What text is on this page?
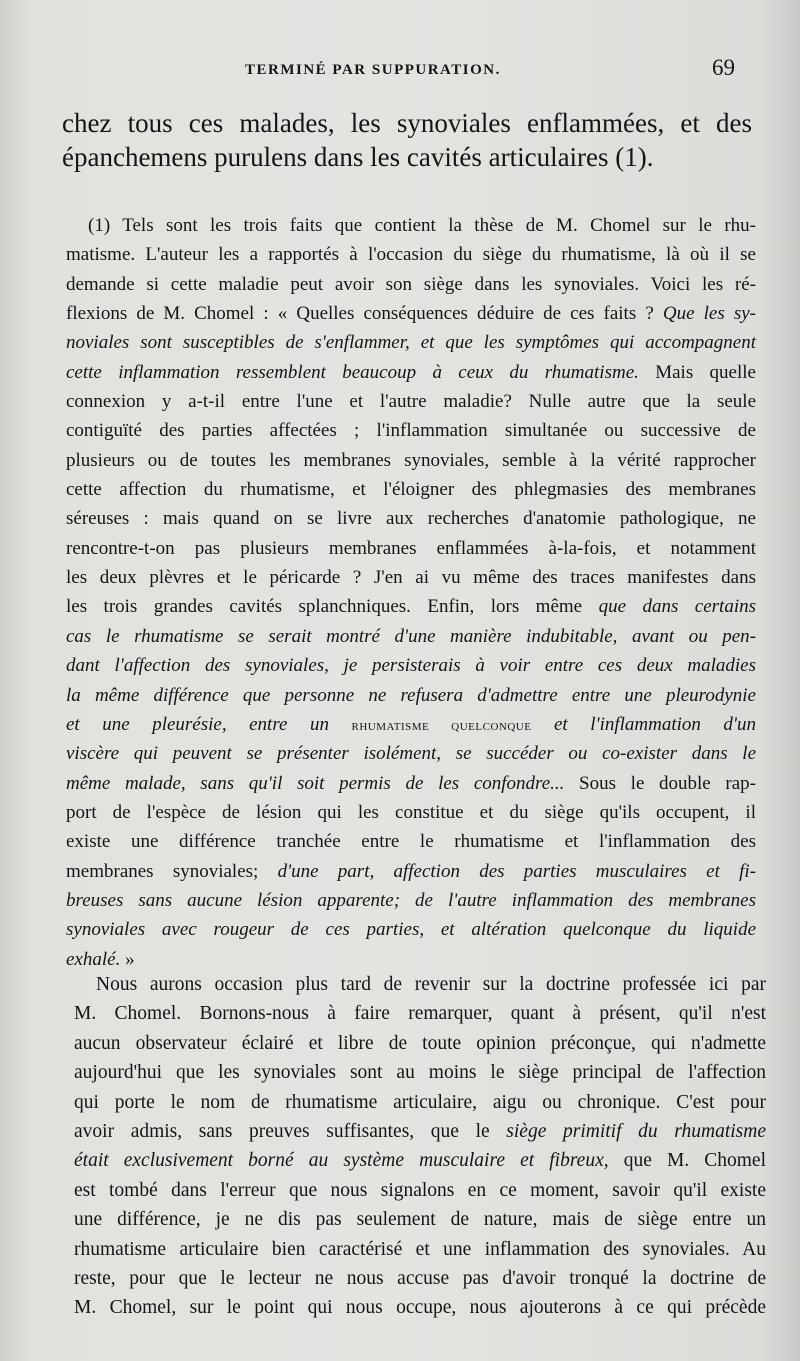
TERMINÉ PAR SUPPURATION.	69
chez tous ces malades, les synoviales enflammées, et des
épanchemens purulens dans les cavités articulaires (1).
(1) Tels sont les trois faits que contient la thèse de M. Chomel sur le rhu-
matisme. L'auteur les a rapportés à l'occasion du siège du rhumatisme, là où il se
demande si cette maladie peut avoir son siège dans les synoviales. Voici les ré-
flexions de M. Chomel : « Quelles conséquences déduire de ces faits ? Que les sy-
noviales sont susceptibles de s'enflammer, et que les symptômes qui accompagnent
cette inflammation ressemblent beaucoup à ceux du rhumatisme. Mais quelle
connexion y a-t-il entre l'une et l'autre maladie? Nulle autre que la seule
contiguïté des parties affectées ; l'inflammation simultanée ou successive de
plusieurs ou de toutes les membranes synoviales, semble à la vérité rapprocher
cette affection du rhumatisme, et l'éloigner des phlegmasies des membranes
séreuses : mais quand on se livre aux recherches d'anatomie pathologique, ne
rencontre-t-on pas plusieurs membranes enflammées à-la-fois, et notamment
les deux plèvres et le péricarde ? J'en ai vu même des traces manifestes dans
les trois grandes cavités splanchniques. Enfin, lors même que dans certains
cas le rhumatisme se serait montré d'une manière indubitable, avant ou pen-
dant l'affection des synoviales, je persisterais à voir entre ces deux maladies
la même différence que personne ne refusera d'admettre entre une pleurodynie
et une pleurésie, entre un rhumatisme quelconque et l'inflammation d'un
viscère qui peuvent se présenter isolément, se succéder ou co-exister dans le
même malade, sans qu'il soit permis de les confondre... Sous le double rap-
port de l'espèce de lésion qui les constitue et du siège qu'ils occupent, il
existe une différence tranchée entre le rhumatisme et l'inflammation des
membranes synoviales; d'une part, affection des parties musculaires et fi-
breuses sans aucune lésion apparente; de l'autre inflammation des membranes
synoviales avec rougeur de ces parties, et altération quelconque du liquide
exhalé. »
Nous aurons occasion plus tard de revenir sur la doctrine professée ici par
M. Chomel. Bornons-nous à faire remarquer, quant à présent, qu'il n'est
aucun observateur éclairé et libre de toute opinion préconçue, qui n'admette
aujourd'hui que les synoviales sont au moins le siège principal de l'affection
qui porte le nom de rhumatisme articulaire, aigu ou chronique. C'est pour
avoir admis, sans preuves suffisantes, que le siège primitif du rhumatisme
était exclusivement borné au système musculaire et fibreux, que M. Chomel
est tombé dans l'erreur que nous signalons en ce moment, savoir qu'il existe
une différence, je ne dis pas seulement de nature, mais de siège entre un
rhumatisme articulaire bien caractérisé et une inflammation des synoviales. Au
reste, pour que le lecteur ne nous accuse pas d'avoir tronqué la doctrine de
M. Chomel, sur le point qui nous occupe, nous ajouterons à ce qui précède
